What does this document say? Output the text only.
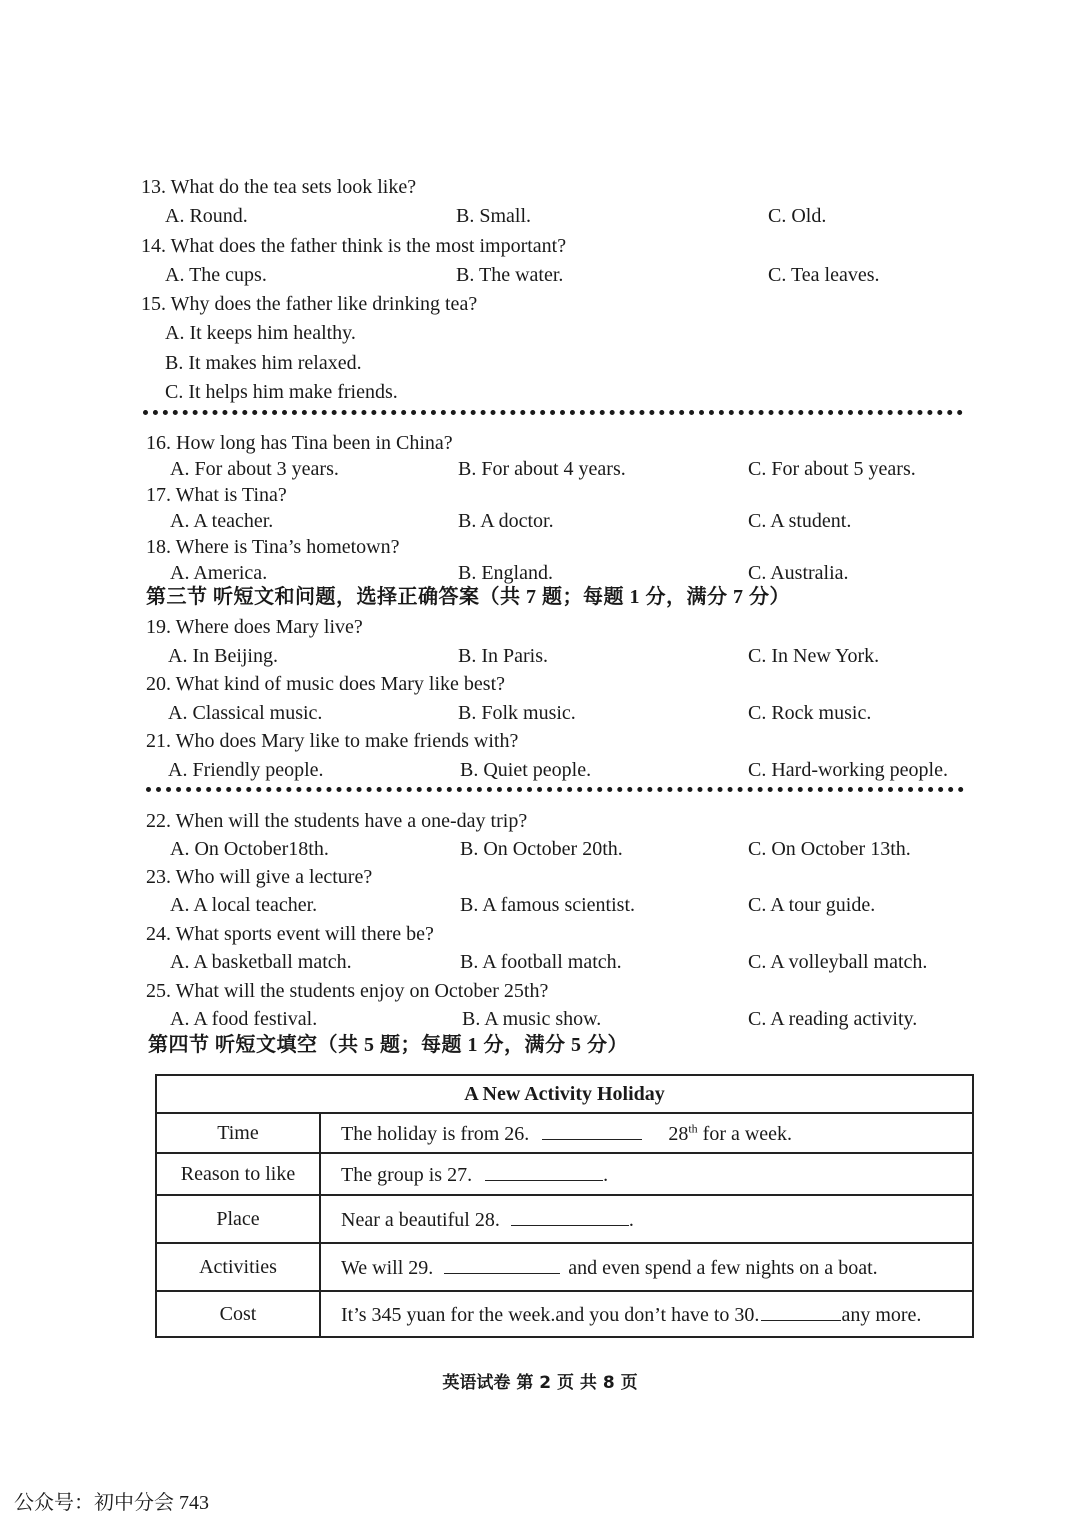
13. What do the tea sets look like?
A. Round.	B. Small.	C. Old.
14. What does the father think is the most important?
A. The cups.	B. The water.	C. Tea leaves.
15. Why does the father like drinking tea?
A. It keeps him healthy.
B. It makes him relaxed.
C. It helps him make friends.
16. How long has Tina been in China?
A. For about 3 years.	B. For about 4 years.	C. For about 5 years.
17. What is Tina?
A. A teacher.	B. A doctor.	C. A student.
18. Where is Tina’s hometown?
A. America.	B. England.	C. Australia.
第三节 听短文和问题，选择正确答案（共 7 题；每题 1 分，满分 7 分）
19. Where does Mary live?
A. In Beijing.	B. In Paris.	C. In New York.
20. What kind of music does Mary like best?
A. Classical music.	B. Folk music.	C. Rock music.
21. Who does Mary like to make friends with?
A. Friendly people.	B. Quiet people.	C. Hard-working people.
22. When will the students have a one-day trip?
A. On October18th.	B. On October 20th.	C. On October 13th.
23. Who will give a lecture?
A. A local teacher.	B. A famous scientist.	C. A tour guide.
24. What sports event will there be?
A. A basketball match.	B. A football match.	C. A volleyball match.
25. What will the students enjoy on October 25th?
A. A food festival.	B. A music show.	C. A reading activity.
第四节 听短文填空（共 5 题；每题 1 分，满分 5 分）
A New Activity Holiday	
Time	The holiday is from 26. 28th for a week.
Reason to like	The group is 27. .
Place	Near a beautiful 28. .
Activities	We will 29. and even spend a few nights on a boat.
Cost	It’s 345 yuan for the week.and you don’t have to 30. any more.
英语试卷 第 2 页 共 8 页
公众号：初中分会 743
